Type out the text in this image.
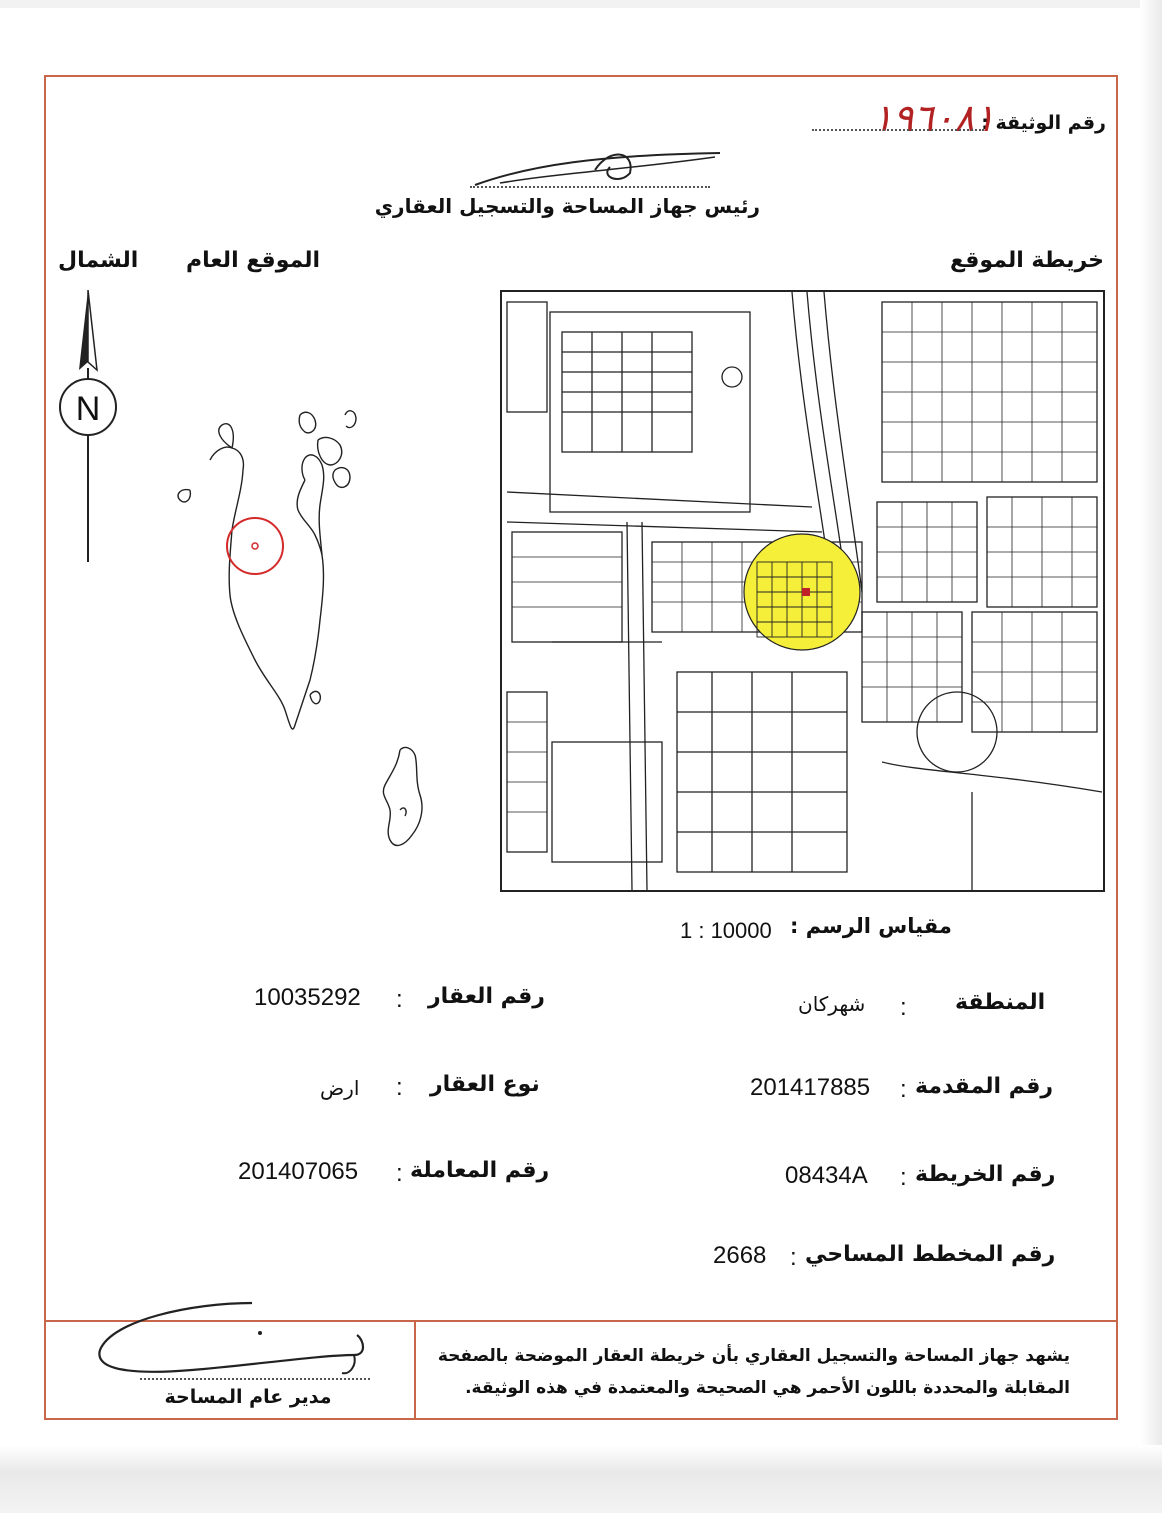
رقم الوثيقة :
١٩٦٠٨١
رئيس جهاز المساحة والتسجيل العقاري
الشمال الموقع العام	خريطة الموقع
N
مقياس الرسم :
1 : 10000
رقم العقار
:
10035292
نوع العقار
:
ارض
رقم المعاملة
:
201407065
المنطقة
:
شهركان
رقم المقدمة
:
201417885
رقم الخريطة
:
08434A
رقم المخطط المساحي
:
2668
يشهد جهاز المساحة والتسجيل العقاري بأن خريطة العقار الموضحة بالصفحة
المقابلة والمحددة باللون الأحمر هي الصحيحة والمعتمدة في هذه الوثيقة.
مدير عام المساحة
